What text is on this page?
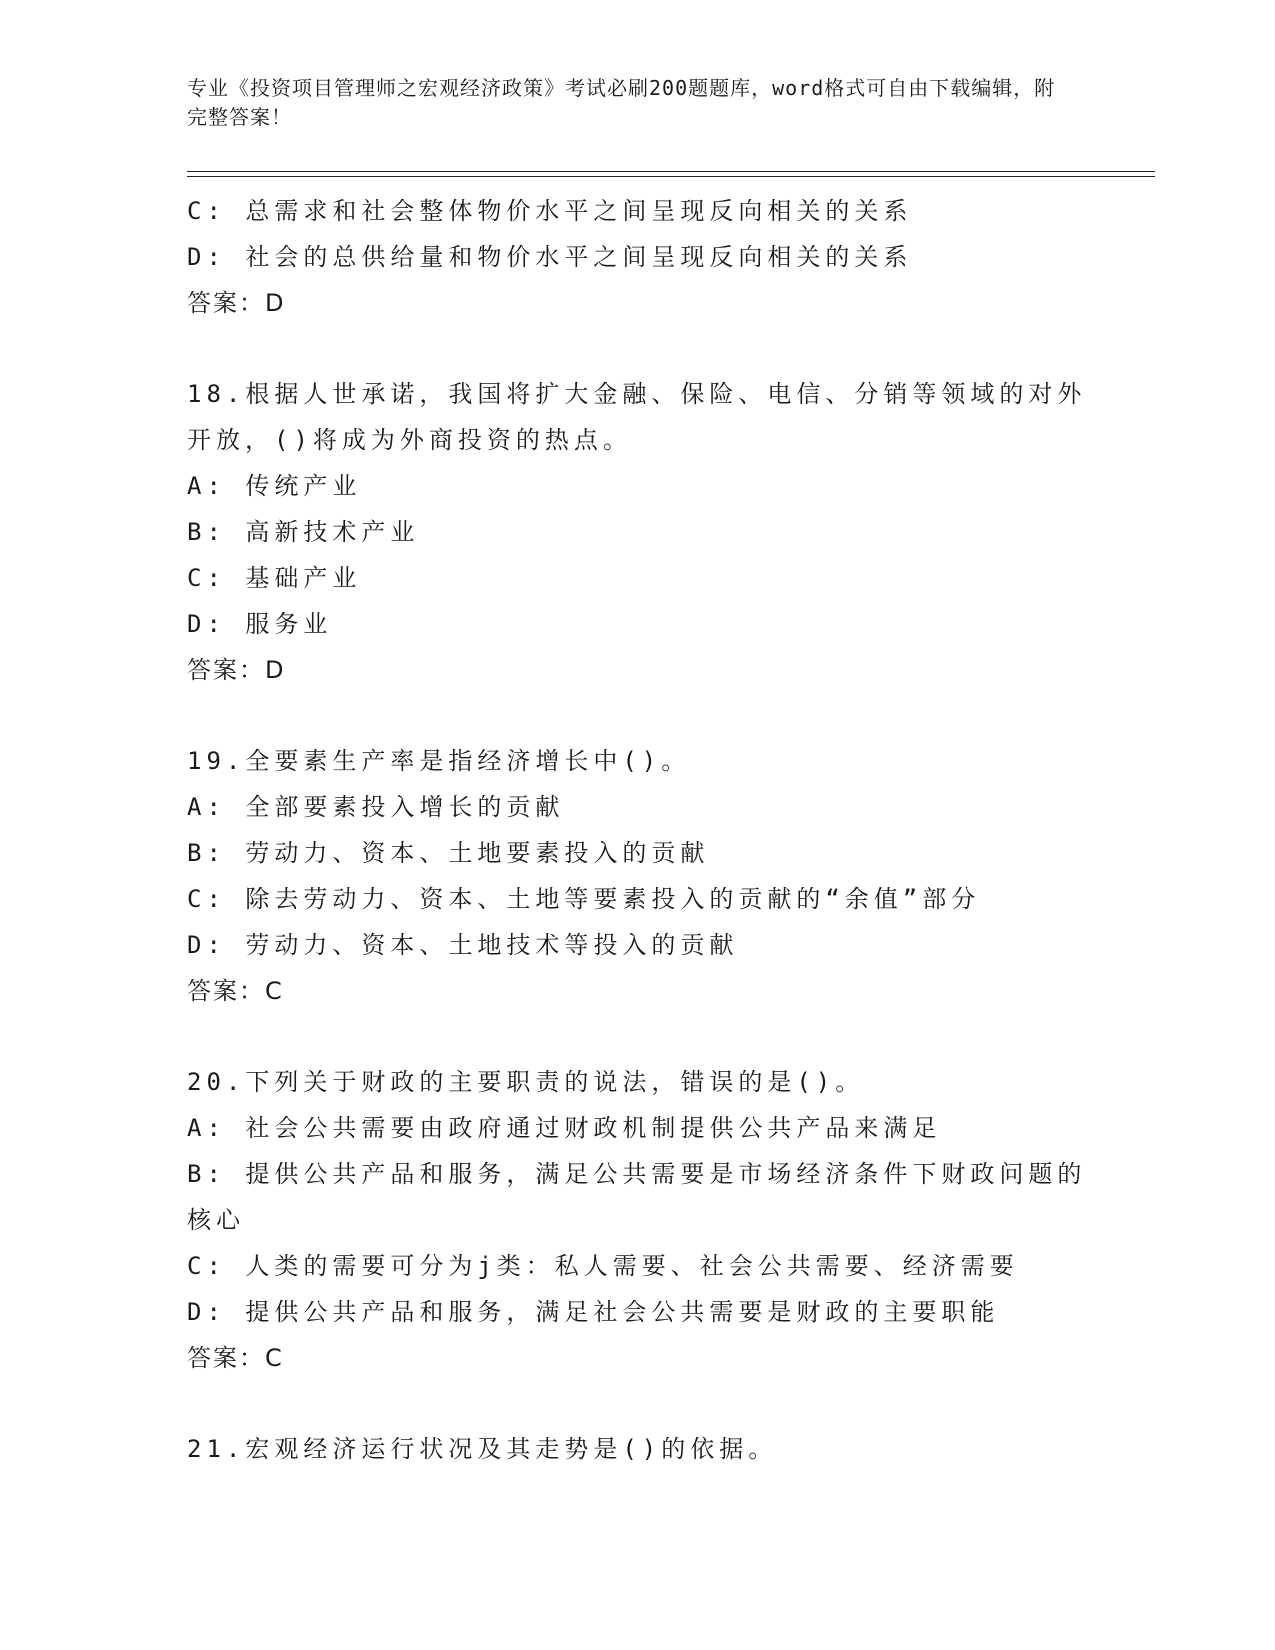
专业《投资项目管理师之宏观经济政策》考试必刷200题题库，word格式可自由下载编辑，附完整答案！
C: 总需求和社会整体物价水平之间呈现反向相关的关系
D: 社会的总供给量和物价水平之间呈现反向相关的关系
答案：D
18.根据人世承诺，我国将扩大金融、保险、电信、分销等领域的对外
开放，()将成为外商投资的热点。
A: 传统产业
B: 高新技术产业
C: 基础产业
D: 服务业
答案：D
19.全要素生产率是指经济增长中()。
A: 全部要素投入增长的贡献
B: 劳动力、资本、土地要素投入的贡献
C: 除去劳动力、资本、土地等要素投入的贡献的“余值”部分
D: 劳动力、资本、土地技术等投入的贡献
答案：C
20.下列关于财政的主要职责的说法，错误的是()。
A: 社会公共需要由政府通过财政机制提供公共产品来满足
B: 提供公共产品和服务，满足公共需要是市场经济条件下财政问题的
核心
C: 人类的需要可分为j类：私人需要、社会公共需要、经济需要
D: 提供公共产品和服务，满足社会公共需要是财政的主要职能
答案：C
21.宏观经济运行状况及其走势是()的依据。
